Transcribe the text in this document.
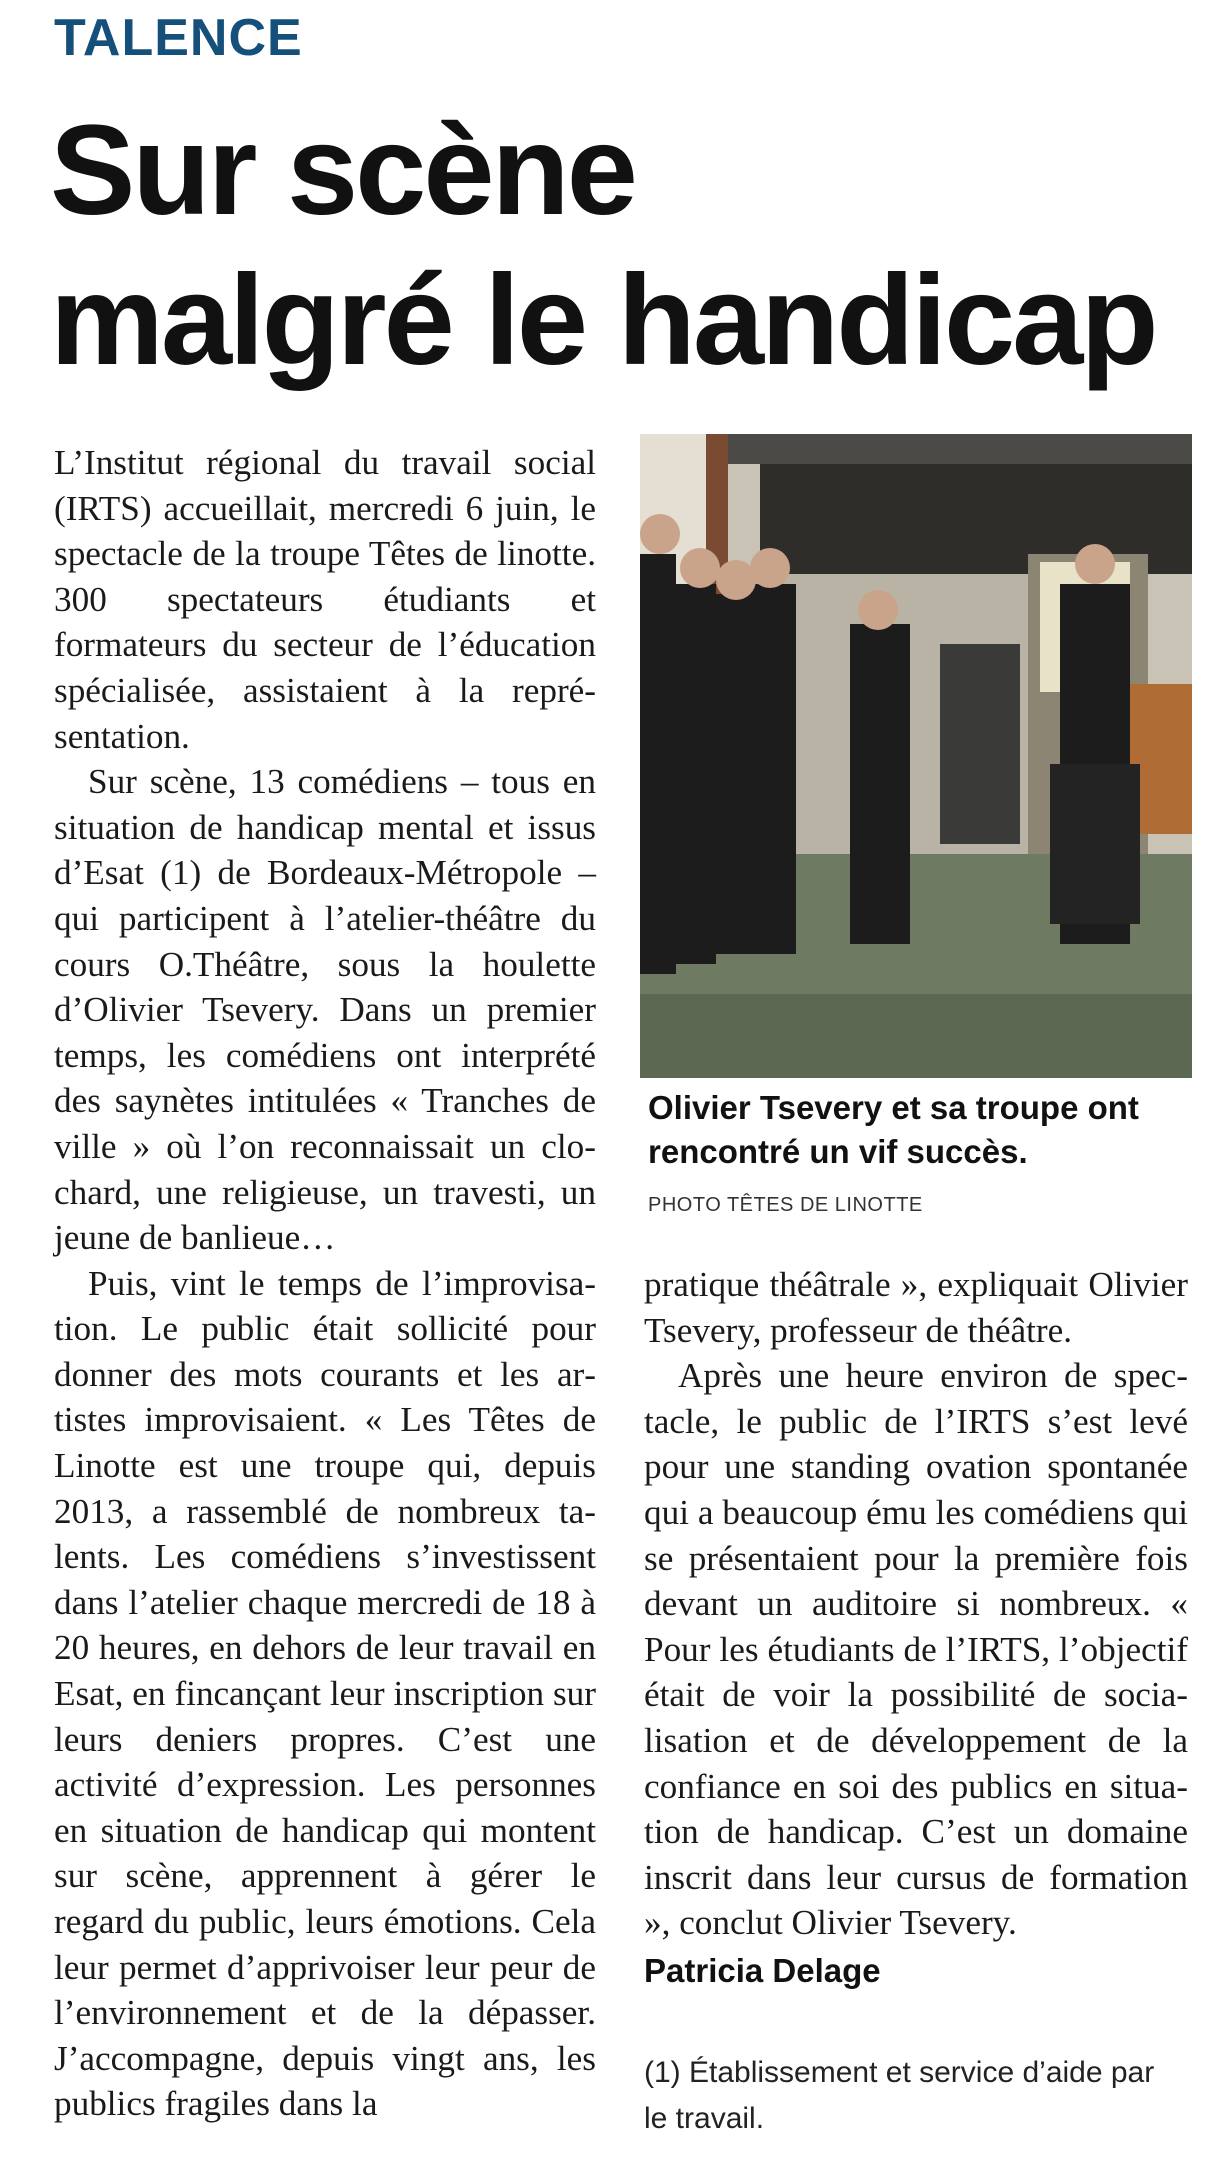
TALENCE
Sur scène
malgré le handicap

L’Institut régional du travail social (IRTS) accueillait, mercredi 6 juin, le spectacle de la troupe Têtes de linotte. 300 spectateurs étudiants et formateurs du secteur de l’éducation spécialisée, assistaient à la représentation.

Sur scène, 13 comédiens – tous en situation de handicap mental et issus d’Esat (1) de Bordeaux-Métropole – qui participent à l’atelier-théâtre du cours O.Théâtre, sous la houlette d’Olivier Tsevery. Dans un premier temps, les comédiens ont interprété des saynètes intitulées « Tranches de ville » où l’on reconnaissait un clochard, une religieuse, un travesti, un jeune de banlieue…

Puis, vint le temps de l’improvisation. Le public était sollicité pour donner des mots courants et les artistes improvisaient. « Les Têtes de Linotte est une troupe qui, depuis 2013, a rassemblé de nombreux talents. Les comédiens s’investissent dans l’atelier chaque mercredi de 18 à 20 heures, en dehors de leur travail en Esat, en fincançant leur inscription sur leurs deniers propres. C’est une activité d’expression. Les personnes en situation de handicap qui montent sur scène, apprennent à gérer le regard du public, leurs émotions. Cela leur permet d’apprivoiser leur peur de l’environnement et de la dépasser. J’accompagne, depuis vingt ans, les publics fragiles dans la

Olivier Tsevery et sa troupe ont rencontré un vif succès.
PHOTO TÊTES DE LINOTTE

pratique théâtrale », expliquait Olivier Tsevery, professeur de théâtre.

Après une heure environ de spectacle, le public de l’IRTS s’est levé pour une standing ovation spontanée qui a beaucoup ému les comédiens qui se présentaient pour la première fois devant un auditoire si nombreux. « Pour les étudiants de l’IRTS, l’objectif était de voir la possibilité de socialisation et de développement de la confiance en soi des publics en situation de handicap. C’est un domaine inscrit dans leur cursus de formation », conclut Olivier Tsevery.

Patricia Delage

(1) Établissement et service d’aide par le travail.
